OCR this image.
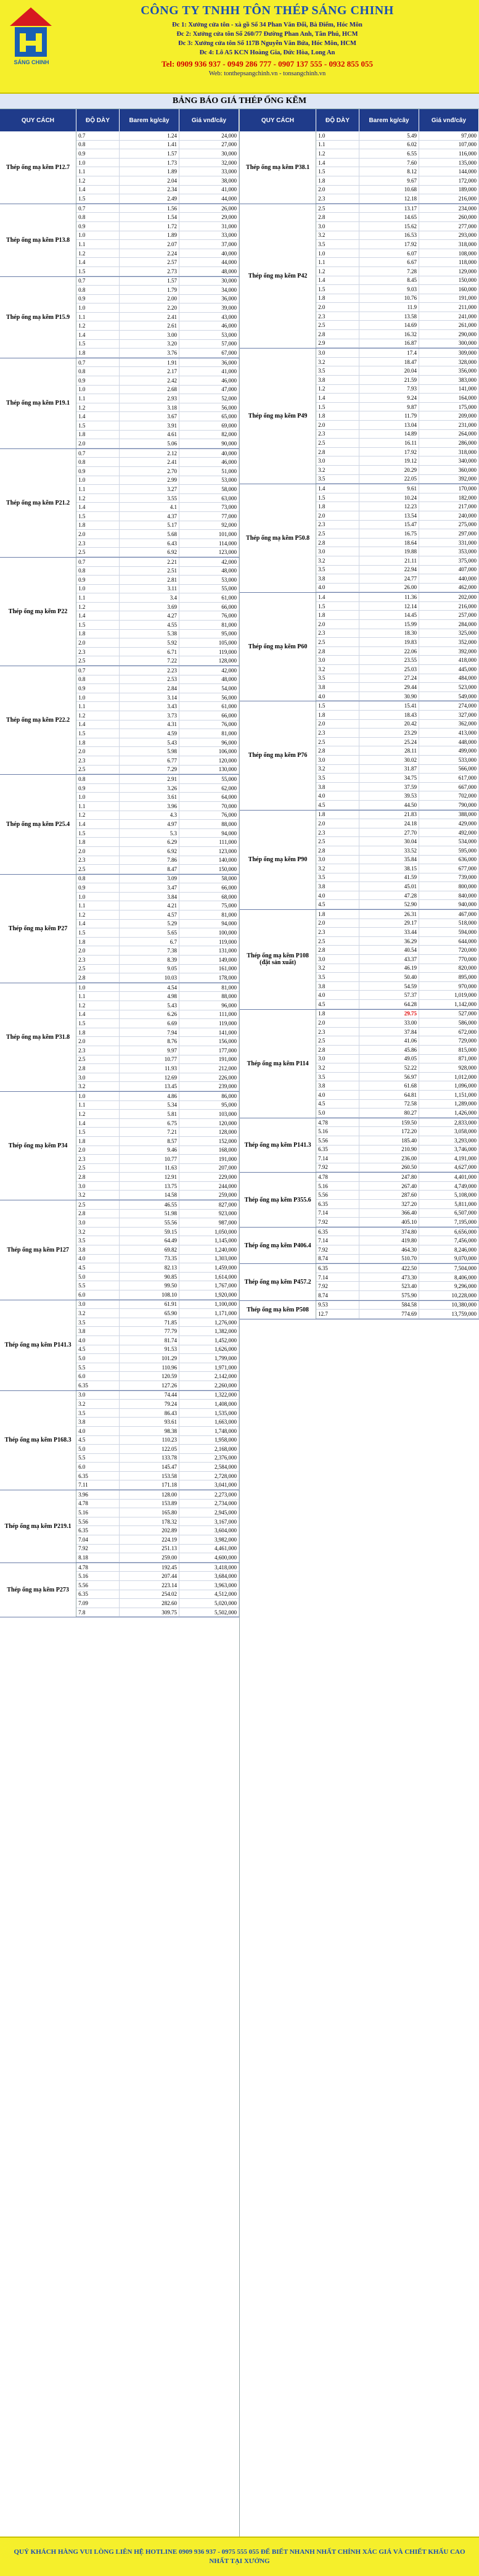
SÁNG CHINH
CÔNG TY TNHH TÔN THÉP SÁNG CHINH
Đc 1: Xưởng cửa tôn - xà gồ Số 34 Phan Văn Đối, Bà Điểm, Hóc Môn
Đc 2: Xưởng cửa tôn Số 260/77 Đường Phan Anh, Tân Phú, HCM
Đc 3: Xưởng cửa tôn Số 117B Nguyễn Văn Bứa, Hóc Môn, HCM
Đc 4: Lô A5 KCN Hoàng Gia, Đức Hòa, Long An
Tel: 0909 936 937 - 0949 286 777 - 0907 137 555 - 0932 855 055
Web: tonthepsangchinh.vn - tonsangchinh.vn
BẢNG BÁO GIÁ THÉP ỐNG KẼM
QUY CÁCH	ĐỘ DÀY	Barem kg/cây	Giá vnđ/cây
Thép ống mạ kẽm P12.7
0.7	1.24	24,000
0.8	1.41	27,000
0.9	1.57	30,000
1.0	1.73	32,000
1.1	1.89	33,000
1.2	2.04	38,000
1.4	2.34	41,000
1.5	2.49	44,000
Thép ống mạ kẽm P13.8
0.7	1.56	26,000
0.8	1.54	29,000
0.9	1.72	31,000
1.0	1.89	33,000
1.1	2.07	37,000
1.2	2.24	40,000
1.4	2.57	44,000
1.5	2.73	48,000
Thép ống mạ kẽm P15.9
0.7	1.57	30,000
0.8	1.79	34,000
0.9	2.00	36,000
1.0	2.20	39,000
1.1	2.41	43,000
1.2	2.61	46,000
1.4	3.00	53,000
1.5	3.20	57,000
1.8	3.76	67,000
Thép ống mạ kẽm P19.1
0.7	1.91	36,000
0.8	2.17	41,000
0.9	2.42	46,000
1.0	2.68	47,000
1.1	2.93	52,000
1.2	3.18	56,000
1.4	3.67	65,000
1.5	3.91	69,000
1.8	4.61	82,000
2.0	5.06	90,000
Thép ống mạ kẽm P21.2
0.7	2.12	40,000
0.8	2.41	46,000
0.9	2.70	51,000
1.0	2.99	53,000
1.1	3.27	58,000
1.2	3.55	63,000
1.4	4.1	73,000
1.5	4.37	77,000
1.8	5.17	92,000
2.0	5.68	101,000
2.3	6.43	114,000
2.5	6.92	123,000
Thép ống mạ kẽm P22
0.7	2.21	42,000
0.8	2.51	48,000
0.9	2.81	53,000
1.0	3.11	55,000
1.1	3.4	61,000
1.2	3.69	66,000
1.4	4.27	76,000
1.5	4.55	81,000
1.8	5.38	95,000
2.0	5.92	105,000
2.3	6.71	119,000
2.5	7.22	128,000
Thép ống mạ kẽm P22.2
0.7	2.23	42,000
0.8	2.53	48,000
0.9	2.84	54,000
1.0	3.14	56,000
1.1	3.43	61,000
1.2	3.73	66,000
1.4	4.31	76,000
1.5	4.59	81,000
1.8	5.43	96,000
2.0	5.98	106,000
2.3	6.77	120,000
2.5	7.29	130,000
Thép ống mạ kẽm P25.4
0.8	2.91	55,000
0.9	3.26	62,000
1.0	3.61	64,000
1.1	3.96	70,000
1.2	4.3	76,000
1.4	4.97	88,000
1.5	5.3	94,000
1.8	6.29	111,000
2.0	6.92	123,000
2.3	7.86	140,000
2.5	8.47	150,000
Thép ống mạ kẽm P27
0.8	3.09	58,000
0.9	3.47	66,000
1.0	3.84	68,000
1.1	4.21	75,000
1.2	4.57	81,000
1.4	5.29	94,000
1.5	5.65	100,000
1.8	6.7	119,000
2.0	7.38	131,000
2.3	8.39	149,000
2.5	9.05	161,000
2.8	10.03	178,000
Thép ống mạ kẽm P31.8
1.0	4.54	81,000
1.1	4.98	88,000
1.2	5.43	96,000
1.4	6.26	111,000
1.5	6.69	119,000
1.8	7.94	141,000
2.0	8.76	156,000
2.3	9.97	177,000
2.5	10.77	191,000
2.8	11.93	212,000
3.0	12.69	226,000
3.2	13.45	239,000
Thép ống mạ kẽm P34
1.0	4.86	86,000
1.1	5.34	95,000
1.2	5.81	103,000
1.4	6.75	120,000
1.5	7.21	128,000
1.8	8.57	152,000
2.0	9.46	168,000
2.3	10.77	191,000
2.5	11.63	207,000
2.8	12.91	229,000
3.0	13.75	244,000
3.2	14.58	259,000
Thép ống mạ kẽm P127
2.5	46.55	827,000
2.8	51.98	923,000
3.0	55.56	987,000
3.2	59.15	1,050,000
3.5	64.49	1,145,000
3.8	69.82	1,240,000
4.0	73.35	1,303,000
4.5	82.13	1,459,000
5.0	90.85	1,614,000
5.5	99.50	1,767,000
6.0	108.10	1,920,000
Thép ống mạ kẽm P141.3
3.0	61.91	1,100,000
3.2	65.90	1,171,000
3.5	71.85	1,276,000
3.8	77.79	1,382,000
4.0	81.74	1,452,000
4.5	91.53	1,626,000
5.0	101.29	1,799,000
5.5	110.96	1,971,000
6.0	120.59	2,142,000
6.35	127.26	2,260,000
Thép ống mạ kẽm P168.3
3.0	74.44	1,322,000
3.2	79.24	1,408,000
3.5	86.43	1,535,000
3.8	93.61	1,663,000
4.0	98.38	1,748,000
4.5	110.23	1,958,000
5.0	122.05	2,168,000
5.5	133.78	2,376,000
6.0	145.47	2,584,000
6.35	153.58	2,728,000
7.11	171.18	3,041,000
Thép ống mạ kẽm P219.1
3.96	128.00	2,273,000
4.78	153.89	2,734,000
5.16	165.80	2,945,000
5.56	178.32	3,167,000
6.35	202.89	3,604,000
7.04	224.19	3,982,000
7.92	251.13	4,461,000
8.18	259.00	4,600,000
Thép ống mạ kẽm P273
4.78	192.45	3,418,000
5.16	207.44	3,684,000
5.56	223.14	3,963,000
6.35	254.02	4,512,000
7.09	282.60	5,020,000
7.8	309.75	5,502,000
QUY CÁCH	ĐỘ DÀY	Barem kg/cây	Giá vnđ/cây
Thép ống mạ kẽm P38.1
1.0	5.49	97,000
1.1	6.02	107,000
1.2	6.55	116,000
1.4	7.60	135,000
1.5	8.12	144,000
1.8	9.67	172,000
2.0	10.68	189,000
2.3	12.18	216,000
Thép ống mạ kẽm P42
2.5	13.17	234,000
2.8	14.65	260,000
3.0	15.62	277,000
3.2	16.53	293,000
3.5	17.92	318,000
1.0	6.07	108,000
1.1	6.67	118,000
1.2	7.28	129,000
1.4	8.45	150,000
1.5	9.03	160,000
1.8	10.76	191,000
2.0	11.9	211,000
2.3	13.58	241,000
2.5	14.69	261,000
2.8	16.32	290,000
2.9	16.87	300,000
Thép ống mạ kẽm P49
3.0	17.4	309,000
3.2	18.47	328,000
3.5	20.04	356,000
3.8	21.59	383,000
1.2	7.93	141,000
1.4	9.24	164,000
1.5	9.87	175,000
1.8	11.79	209,000
2.0	13.04	231,000
2.3	14.89	264,000
2.5	16.11	286,000
2.8	17.92	318,000
3.0	19.12	340,000
3.2	20.29	360,000
3.5	22.05	392,000
Thép ống mạ kẽm P50.8
1.4	9.61	170,000
1.5	10.24	182,000
1.8	12.23	217,000
2.0	13.54	240,000
2.3	15.47	275,000
2.5	16.75	297,000
2.8	18.64	331,000
3.0	19.88	353,000
3.2	21.11	375,000
3.5	22.94	407,000
3.8	24.77	440,000
4.0	26.00	462,000
Thép ống mạ kẽm P60
1.4	11.36	202,000
1.5	12.14	216,000
1.8	14.45	257,000
2.0	15.99	284,000
2.3	18.30	325,000
2.5	19.83	352,000
2.8	22.06	392,000
3.0	23.55	418,000
3.2	25.03	445,000
3.5	27.24	484,000
3.8	29.44	523,000
4.0	30.90	549,000
Thép ống mạ kẽm P76
1.5	15.41	274,000
1.8	18.43	327,000
2.0	20.42	362,000
2.3	23.29	413,000
2.5	25.24	448,000
2.8	28.11	499,000
3.0	30.02	533,000
3.2	31.87	566,000
3.5	34.75	617,000
3.8	37.59	667,000
4.0	39.53	702,000
4.5	44.50	790,000
Thép ống mạ kẽm P90
1.8	21.83	388,000
2.0	24.18	429,000
2.3	27.70	492,000
2.5	30.04	534,000
2.8	33.52	595,000
3.0	35.84	636,000
3.2	38.15	677,000
3.5	41.59	739,000
3.8	45.01	800,000
4.0	47.28	840,000
4.5	52.90	940,000
Thép ống mạ kẽm P108 (đặt sản xuất)
1.8	26.31	467,000
2.0	29.17	518,000
2.3	33.44	594,000
2.5	36.29	644,000
2.8	40.54	720,000
3.0	43.37	770,000
3.2	46.19	820,000
3.5	50.40	895,000
3.8	54.59	970,000
4.0	57.37	1,019,000
4.5	64.28	1,142,000
Thép ống mạ kẽm P114
1.8	29.75	527,000
2.0	33.00	586,000
2.3	37.84	672,000
2.5	41.06	729,000
2.8	45.86	815,000
3.0	49.05	871,000
3.2	52.22	928,000
3.5	56.97	1,012,000
3.8	61.68	1,096,000
4.0	64.81	1,151,000
4.5	72.58	1,289,000
5.0	80.27	1,426,000
Thép ống mạ kẽm P141.3
4.78	159.50	2,833,000
5.16	172.20	3,058,000
5.56	185.40	3,293,000
6.35	210.90	3,746,000
7.14	236.00	4,191,000
7.92	260.50	4,627,000
Thép ống mạ kẽm P355.6
4.78	247.80	4,401,000
5.16	267.40	4,749,000
5.56	287.60	5,108,000
6.35	327.20	5,811,000
7.14	366.40	6,507,000
7.92	405.10	7,195,000
Thép ống mạ kẽm P406.4
6.35	374.80	6,656,000
7.14	419.80	7,456,000
7.92	464.30	8,246,000
8.74	510.70	9,070,000
Thép ống mạ kẽm P457.2
6.35	422.50	7,504,000
7.14	473.30	8,406,000
7.92	523.40	9,296,000
8.74	575.90	10,228,000
Thép ống mạ kẽm P508
9.53	584.58	10,380,000
12.7	774.69	13,759,000
QUÝ KHÁCH HÀNG VUI LÒNG LIÊN HỆ HOTLINE 0909 936 937 - 0975 555 055 ĐỂ BIẾT NHANH NHẤT CHÍNH XÁC GIÁ VÀ CHIẾT KHẤU CAO NHẤT TẠI XƯỞNG
